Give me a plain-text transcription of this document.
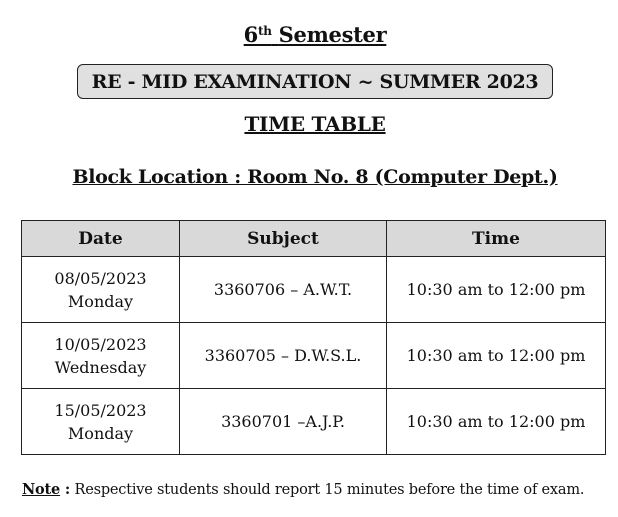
6th Semester
RE - MID EXAMINATION ~ SUMMER 2023
TIME TABLE
Block Location : Room No. 8 (Computer Dept.)
Date	Subject	Time
08/05/2023
Monday	3360706 – A.W.T.	10:30 am to 12:00 pm
10/05/2023
Wednesday	3360705 – D.W.S.L.	10:30 am to 12:00 pm
15/05/2023
Monday	3360701 –A.J.P.	10:30 am to 12:00 pm
Note : Respective students should report 15 minutes before the time of exam.
